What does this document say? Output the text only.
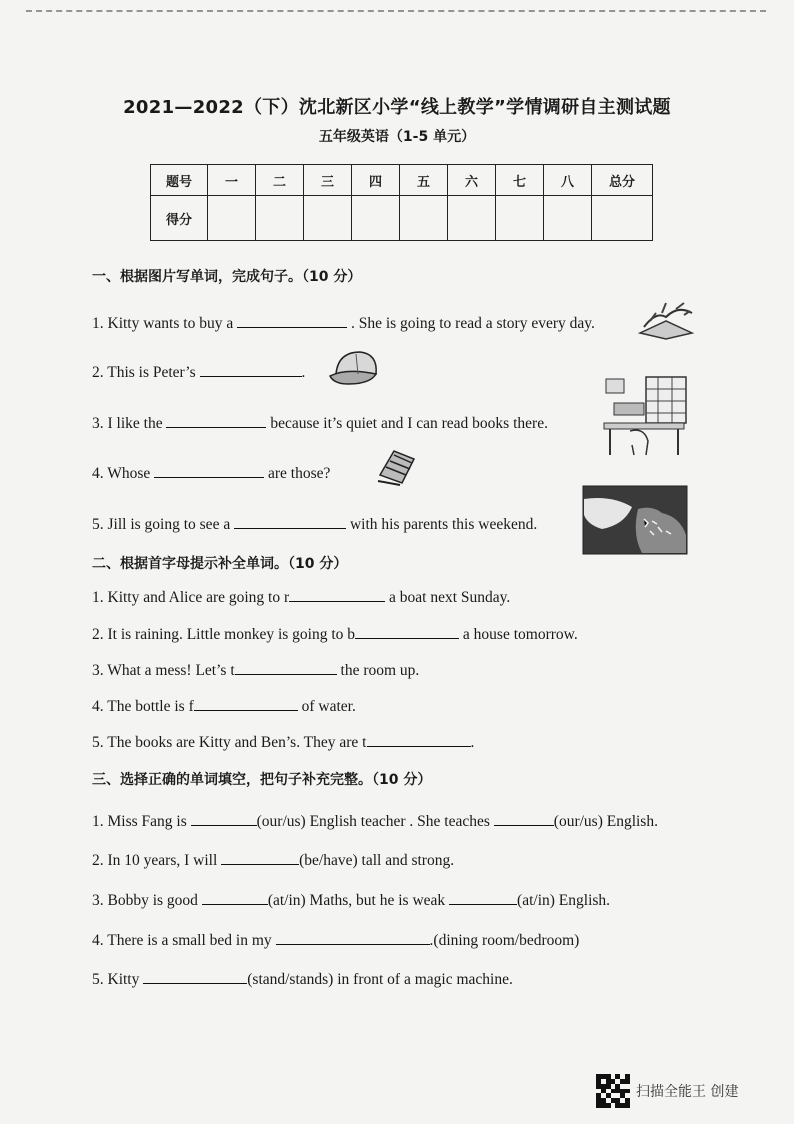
2021—2022（下）沈北新区小学“线上教学”学情调研自主测试题
五年级英语（1-5 单元）
题号	一	二	三	四	五	六	七	八	总分
得分									
一、根据图片写单词，完成句子。（10 分）
1. Kitty wants to buy a	. She is going to read a story every day.
2. This is Peter’s	.
3. I like the	because it’s quiet and I can read books there.
4. Whose	are those?
5. Jill is going to see a	with his parents this weekend.
二、根据首字母提示补全单词。（10 分）
1. Kitty and Alice are going to r	a boat next Sunday.
2. It is raining. Little monkey is going to b	a house tomorrow.
3. What a mess! Let’s t	the room up.
4. The bottle is f	of water.
5. The books are Kitty and Ben’s. They are t	.
三、选择正确的单词填空，把句子补充完整。（10 分）
1. Miss Fang is	(our/us) English teacher . She teaches	(our/us) English.
2. In 10 years, I will	(be/have) tall and strong.
3. Bobby is good	(at/in) Maths, but he is weak	(at/in) English.
4. There is a small bed in my	.(dining room/bedroom)
5. Kitty	(stand/stands) in front of a magic machine.
扫描全能王 创建
